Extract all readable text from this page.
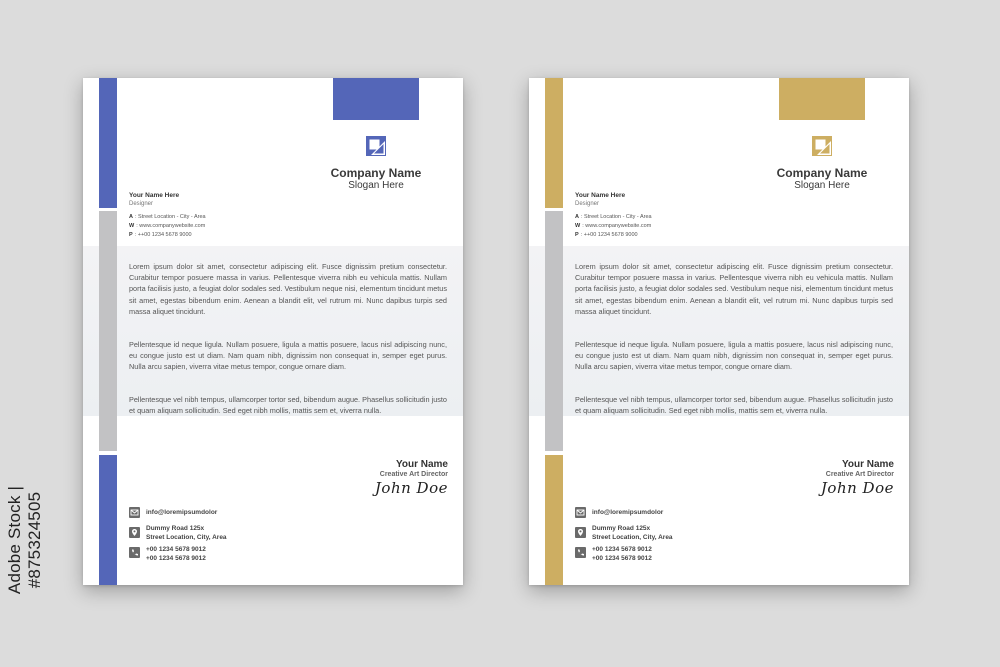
Adobe Stock | #875324505
Company Name
Slogan Here
Your Name Here
Designer
A : Street Location - City - Area
W : www.companywebsite.com
P : ++00 1234 5678 9000

Lorem ipsum dolor sit amet, consectetur adipiscing elit. Fusce dignissim pretium consectetur. Curabitur tempor posuere massa in varius. Pellentesque viverra nibh eu vehicula mattis. Nullam porta facilisis justo, a feugiat dolor sodales sed. Vestibulum neque nisi, elementum tincidunt metus sit amet, egestas bibendum enim. Aenean a blandit elit, vel rutrum mi. Nunc dapibus turpis sed massa aliquet tincidunt.

Pellentesque id neque ligula. Nullam posuere, ligula a mattis posuere, lacus nisl adipiscing nunc, eu congue justo est ut diam. Nam quam nibh, dignissim non consequat in, semper eget purus. Nulla arcu sapien, viverra vitae metus tempor, congue ornare diam.

Pellentesque vel nibh tempus, ullamcorper tortor sed, bibendum augue. Phasellus sollicitudin justo et quam aliquam sollicitudin. Sed eget nibh mollis, mattis sem et, viverra nulla.

Your Name
Creative Art Director
John Doe
info@loremipsumdolor
Dummy Road 125x
Street Location, City, Area
+00 1234 5678 9012
+00 1234 5678 9012
Company Name
Slogan Here
Your Name Here
Designer
A : Street Location - City - Area
W : www.companywebsite.com
P : ++00 1234 5678 9000

Lorem ipsum dolor sit amet, consectetur adipiscing elit. Fusce dignissim pretium consectetur. Curabitur tempor posuere massa in varius. Pellentesque viverra nibh eu vehicula mattis. Nullam porta facilisis justo, a feugiat dolor sodales sed. Vestibulum neque nisi, elementum tincidunt metus sit amet, egestas bibendum enim. Aenean a blandit elit, vel rutrum mi. Nunc dapibus turpis sed massa aliquet tincidunt.

Pellentesque id neque ligula. Nullam posuere, ligula a mattis posuere, lacus nisl adipiscing nunc, eu congue justo est ut diam. Nam quam nibh, dignissim non consequat in, semper eget purus. Nulla arcu sapien, viverra vitae metus tempor, congue ornare diam.

Pellentesque vel nibh tempus, ullamcorper tortor sed, bibendum augue. Phasellus sollicitudin justo et quam aliquam sollicitudin. Sed eget nibh mollis, mattis sem et, viverra nulla.

Your Name
Creative Art Director
John Doe
info@loremipsumdolor
Dummy Road 125x
Street Location, City, Area
+00 1234 5678 9012
+00 1234 5678 9012
